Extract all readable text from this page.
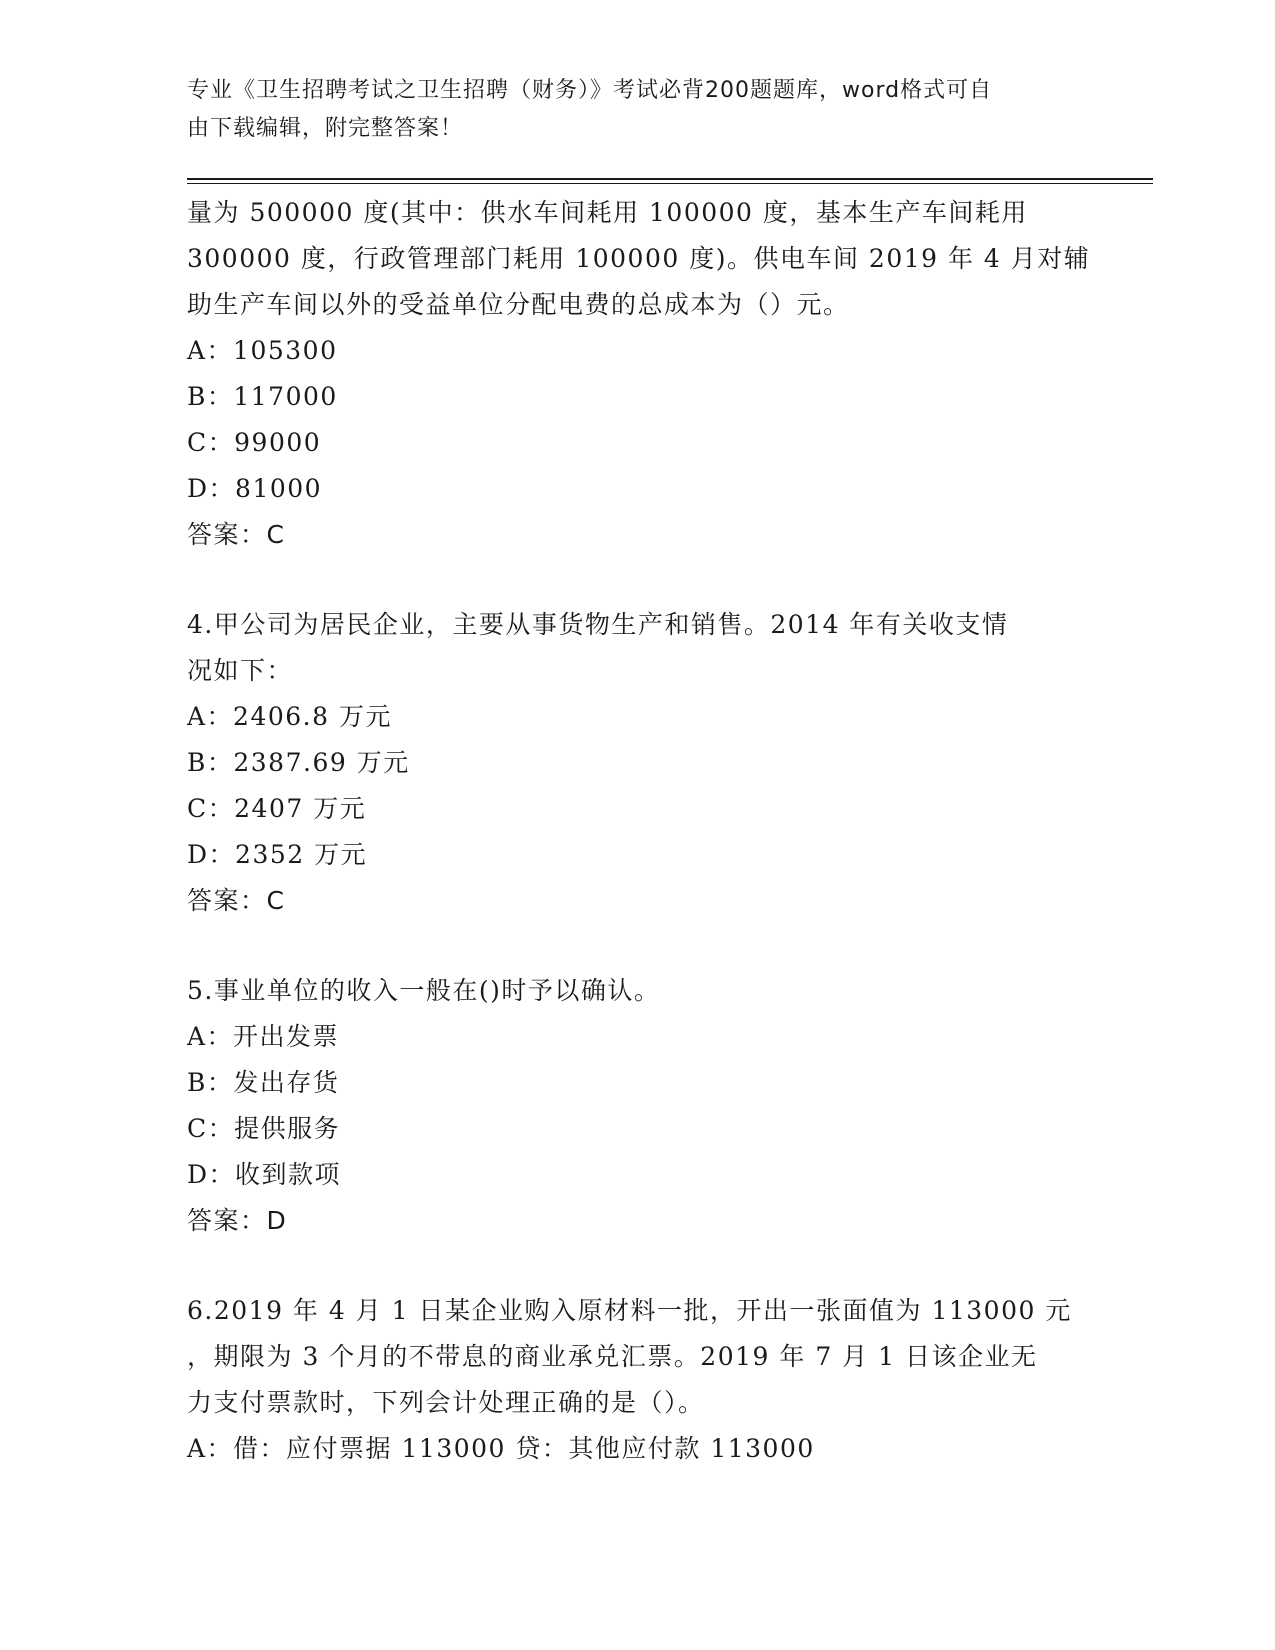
专业《卫生招聘考试之卫生招聘（财务）》考试必背200题题库，word格式可自
由下载编辑，附完整答案！
量为 500000 度(其中：供水车间耗用 100000 度，基本生产车间耗用
300000 度，行政管理部门耗用 100000 度)。供电车间 2019 年 4 月对辅
助生产车间以外的受益单位分配电费的总成本为（）元。
A：105300
B：117000
C：99000
D：81000
答案：C
4.甲公司为居民企业，主要从事货物生产和销售。2014 年有关收支情
况如下：
A：2406.8 万元
B：2387.69 万元
C：2407 万元
D：2352 万元
答案：C
5.事业单位的收入一般在()时予以确认。
A：开出发票
B：发出存货
C：提供服务
D：收到款项
答案：D
6.2019 年 4 月 1 日某企业购入原材料一批，开出一张面值为 113000 元
，期限为 3 个月的不带息的商业承兑汇票。2019 年 7 月 1 日该企业无
力支付票款时，下列会计处理正确的是（）。
A：借：应付票据 113000 贷：其他应付款 113000
